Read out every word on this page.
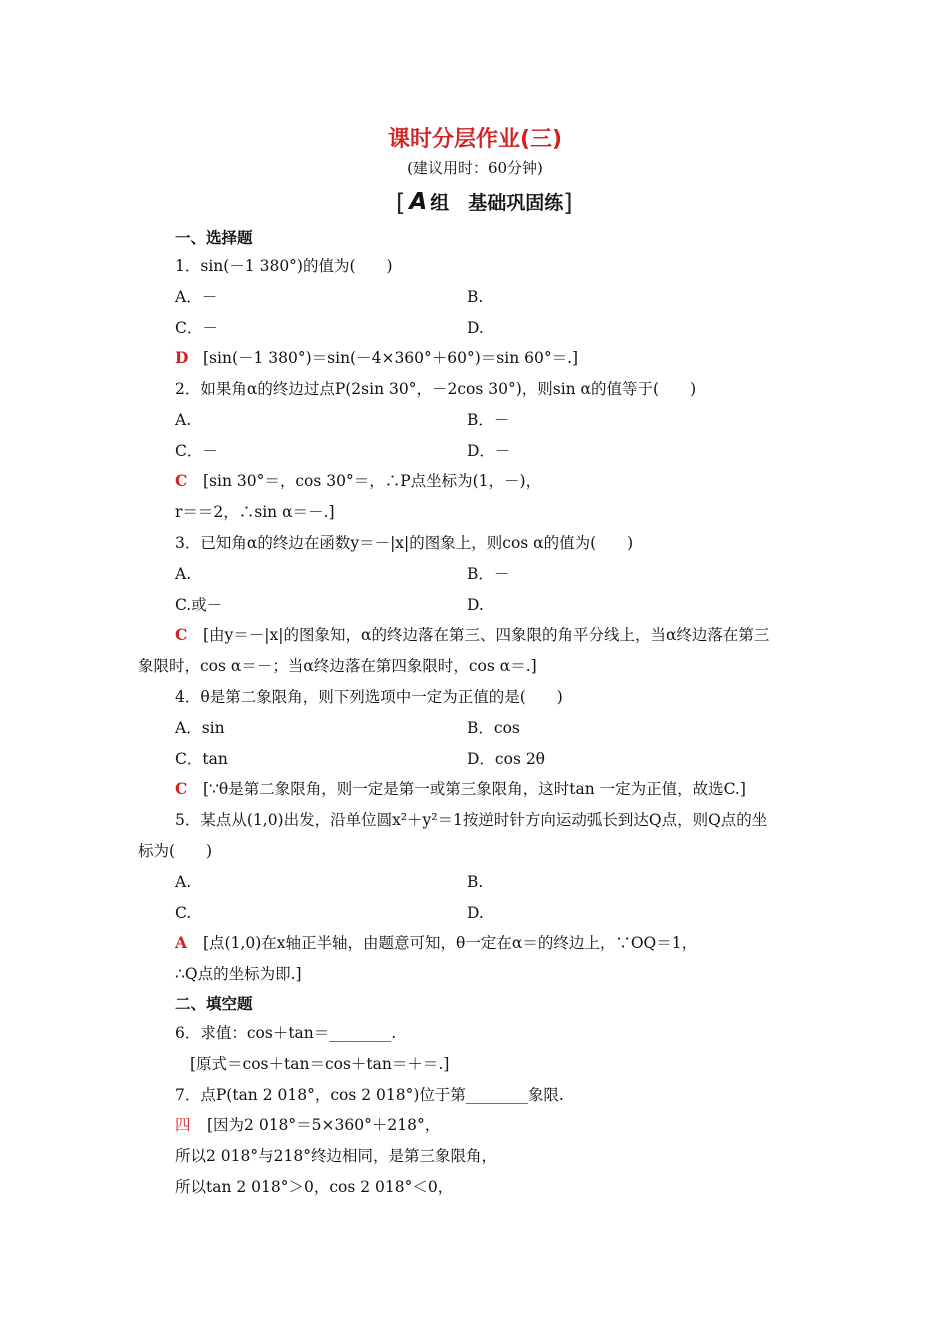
课时分层作业(三)
(建议用时：60分钟)
[ A 组　基础巩固练]
一、选择题
1．sin(－1 380°)的值为(　　)
A．－	B.
C．－	D.
D [sin(－1 380°)＝sin(－4×360°＋60°)＝sin 60°＝.]
2．如果角α的终边过点P(2sin 30°，－2cos 30°)，则sin α的值等于(　　)
A.	B．－
C．－	D．－
C [sin 30°＝，cos 30°＝，∴P点坐标为(1，－)，
r＝＝2，∴sin α＝－.]
3．已知角α的终边在函数y＝－|x|的图象上，则cos α的值为(　　)
A.	B．－
C.或－	D.
C [由y＝－|x|的图象知，α的终边落在第三、四象限的角平分线上，当α终边落在第三
象限时，cos α＝－；当α终边落在第四象限时，cos α＝.]
4．θ是第二象限角，则下列选项中一定为正值的是(　　)
A．sin	B．cos
C．tan	D．cos 2θ
C [∵θ是第二象限角，则一定是第一或第三象限角，这时tan 一定为正值，故选C.]
5．某点从(1,0)出发，沿单位圆x²＋y²＝1按逆时针方向运动弧长到达Q点，则Q点的坐
标为(　　)
A.	B.
C.	D.
A [点(1,0)在x轴正半轴，由题意可知，θ一定在α＝的终边上，∵OQ＝1，
∴Q点的坐标为即.]
二、填空题
6．求值：cos＋tan＝________.
[原式＝cos＋tan＝cos＋tan＝＋＝.]
7．点P(tan 2 018°，cos 2 018°)位于第________象限.
四 [因为2 018°＝5×360°＋218°，
所以2 018°与218°终边相同，是第三象限角，
所以tan 2 018°＞0，cos 2 018°＜0，
